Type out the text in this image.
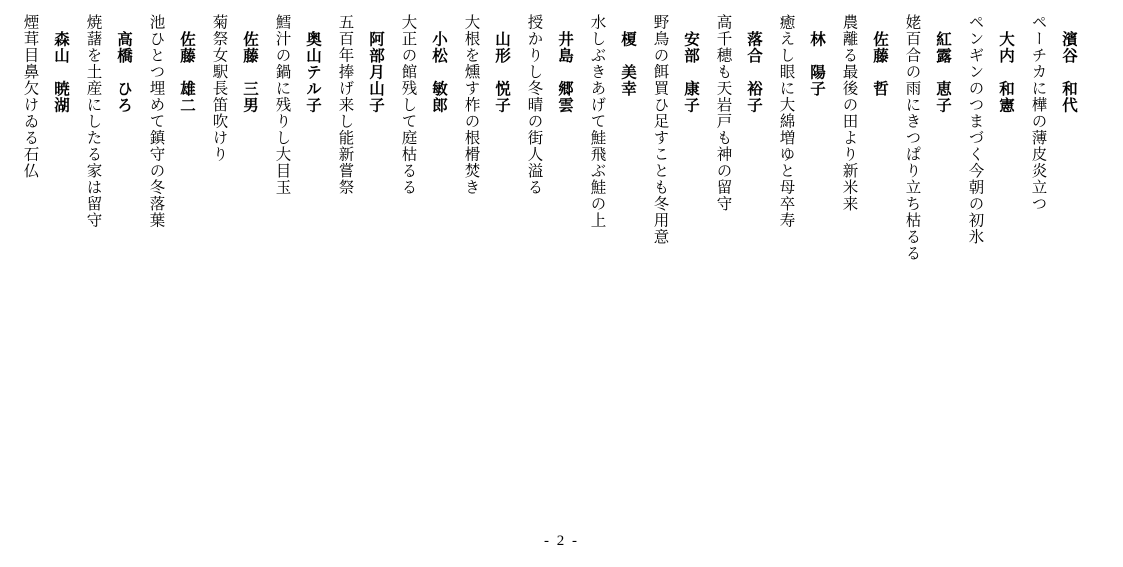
濱谷　和代
ペーチカに樺の薄皮炎立つ
大内　和憲
ペンギンのつまづく今朝の初氷
紅露　恵子
姥百合の雨にきつぱり立ち枯るる
佐藤　哲
農離る最後の田より新米来
林　陽子
癒えし眼に大綿増ゆと母卒寿
落合　裕子
高千穂も天岩戸も神の留守
安部　康子
野鳥の餌買ひ足すことも冬用意
榎　美幸
水しぶきあげて鮭飛ぶ鮭の上
井島　郷雲
授かりし冬晴の街人溢る
山形　悦子
大根を燻す柞の根榾焚き
小松　敏郎
大正の館残して庭枯るる
阿部月山子
五百年捧げ来し能新嘗祭
奥山テル子
鱈汁の鍋に残りし大目玉
佐藤　三男
菊祭女駅長笛吹けり
佐藤　雄二
池ひとつ埋めて鎮守の冬落葉
高橋　ひろ
焼藷を土産にしたる家は留守
森山　暁湖
煙茸目鼻欠けゐる石仏
- 2 -
